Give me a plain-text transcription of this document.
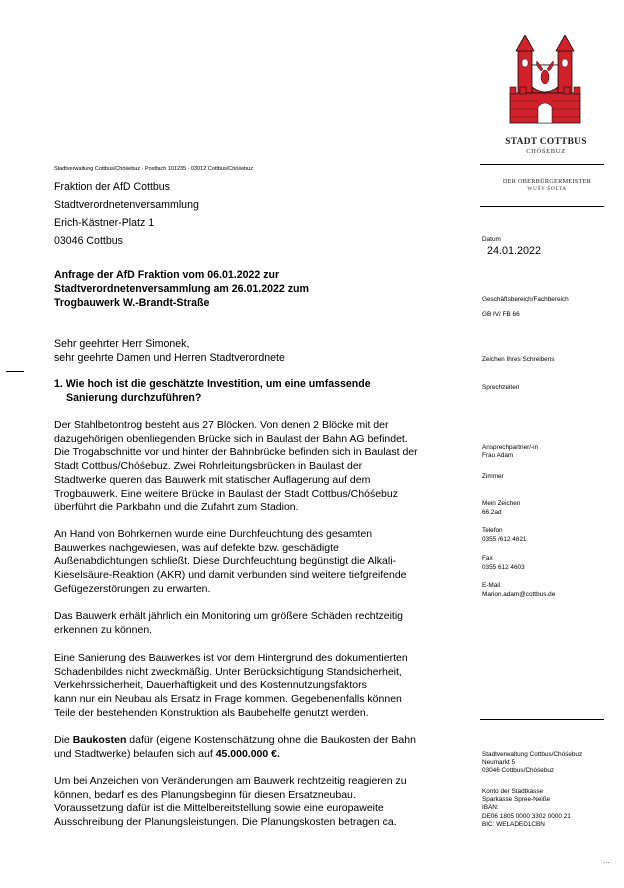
STADT COTTBUS
CHÓŚEBUZ
DER OBERBÜRGERMEISTER
WUŠY ŠOLTA
Stadtverwaltung Cottbus/Chóśebuz · Postfach 101235 · 03012 Cottbus/Chóśebuz
Fraktion der AfD Cottbus
Stadtverordnetenversammlung
Erich-Kästner-Platz 1
03046 Cottbus
Anfrage der AfD Fraktion vom 06.01.2022 zur
Stadtverordnetenversammlung am 26.01.2022 zum
Trogbauwerk W.-Brandt-Straße
Sehr geehrter Herr Simonek,
sehr geehrte Damen und Herren Stadtverordnete
1. Wie hoch ist die geschätzte Investition, um eine umfassende
Sanierung durchzuführen?
Der Stahlbetontrog besteht aus 27 Blöcken. Von denen 2 Blöcke mit der
dazugehörigen obenliegenden Brücke sich in Baulast der Bahn AG befindet.
Die Trogabschnitte vor und hinter der Bahnbrücke befinden sich in Baulast der
Stadt Cottbus/Chóśebuz. Zwei Rohrleitungsbrücken in Baulast der
Stadtwerke queren das Bauwerk mit statischer Auflagerung auf dem
Trogbauwerk. Eine weitere Brücke in Baulast der Stadt Cottbus/Chóśebuz
überführt die Parkbahn und die Zufahrt zum Stadion.
An Hand von Bohrkernen wurde eine Durchfeuchtung des gesamten
Bauwerkes nachgewiesen, was auf defekte bzw. geschädigte
Außenabdichtungen schließt. Diese Durchfeuchtung begünstigt die Alkali-
Kieselsäure-Reaktion (AKR) und damit verbunden sind weitere tiefgreifende
Gefügezerstörungen zu erwarten.
Das Bauwerk erhält jährlich ein Monitoring um größere Schäden rechtzeitig
erkennen zu können.
Eine Sanierung des Bauwerkes ist vor dem Hintergrund des dokumentierten
Schadenbildes nicht zweckmäßig. Unter Berücksichtigung Standsicherheit,
Verkehrssicherheit, Dauerhaftigkeit und des Kostennutzungsfaktors
kann nur ein Neubau als Ersatz in Frage kommen. Gegebenenfalls können
Teile der bestehenden Konstruktion als Baubehelfe genutzt werden.
Die Baukosten dafür (eigene Kostenschätzung ohne die Baukosten der Bahn
und Stadtwerke) belaufen sich auf 45.000.000 €.
Um bei Anzeichen von Veränderungen am Bauwerk rechtzeitig reagieren zu
können, bedarf es des Planungsbeginn für diesen Ersatzneubau.
Voraussetzung dafür ist die Mittelbereitstellung sowie eine europaweite
Ausschreibung der Planungsleistungen. Die Planungskosten betragen ca.
Datum
24.01.2022
Geschäftsbereich/Fachbereich
GB IV/ FB 66
Zeichen Ihres Schreibens
Sprechzeiten
Ansprechpartner/-in
Frau Adam
Zimmer
Mein Zeichen
66.2ad
Telefon
0355 /612 4621
Fax
0355 612 4603
E-Mail
Marion.adam@cottbus.de
Stadtverwaltung Cottbus/Chóśebuz
Neumarkt 5
03046 Cottbus/Chóśebuz
Konto der Stadtkasse
Sparkasse Spree-Neiße
IBAN:
DE06 1805 0000 3302 0000 21
BIC: WELADED1CBN
...
